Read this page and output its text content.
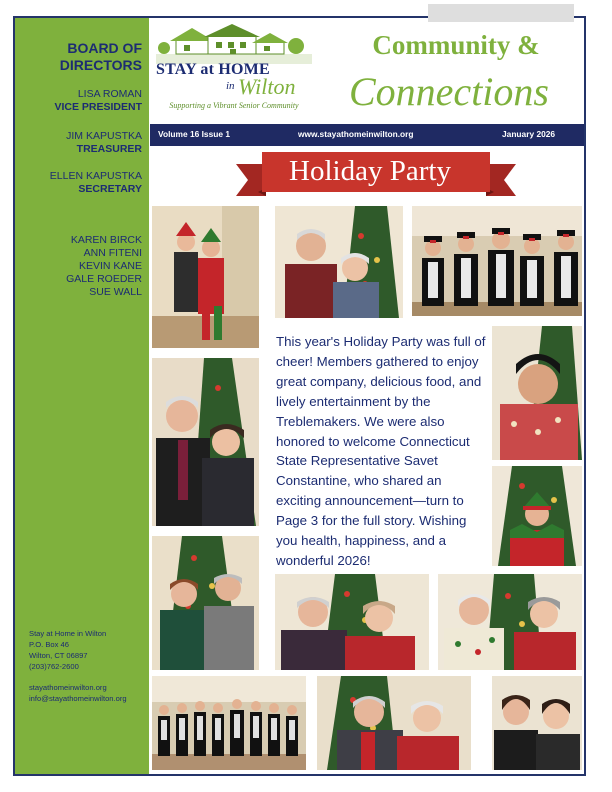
BOARD OF
DIRECTORS
LISA ROMAN
VICE PRESIDENT
JIM KAPUSTKA
TREASURER
ELLEN KAPUSTKA
SECRETARY
KAREN BIRCK
ANN FITENI
KEVIN KANE
GALE ROEDER
SUE WALL
Stay at Home in Wilton
P.O. Box 46
Wilton, CT 06897
(203)762-2600
stayathomeinwilton.org
info@stayathomeinwilton.org
STAY at HOME
in Wilton
Supporting a Vibrant Senior Community
Community &
Connections
Volume 16 Issue 1	www.stayathomeinwilton.org	January 2026
Holiday Party
This year's Holiday Party was full of cheer! Members gathered to enjoy great company, delicious food, and lively entertainment by the Treblemakers. We were also honored to welcome Connecticut State Representative Savet Constantine, who shared an exciting announcement—turn to Page 3 for the full story. Wishing you health, happiness, and a wonderful 2026!
